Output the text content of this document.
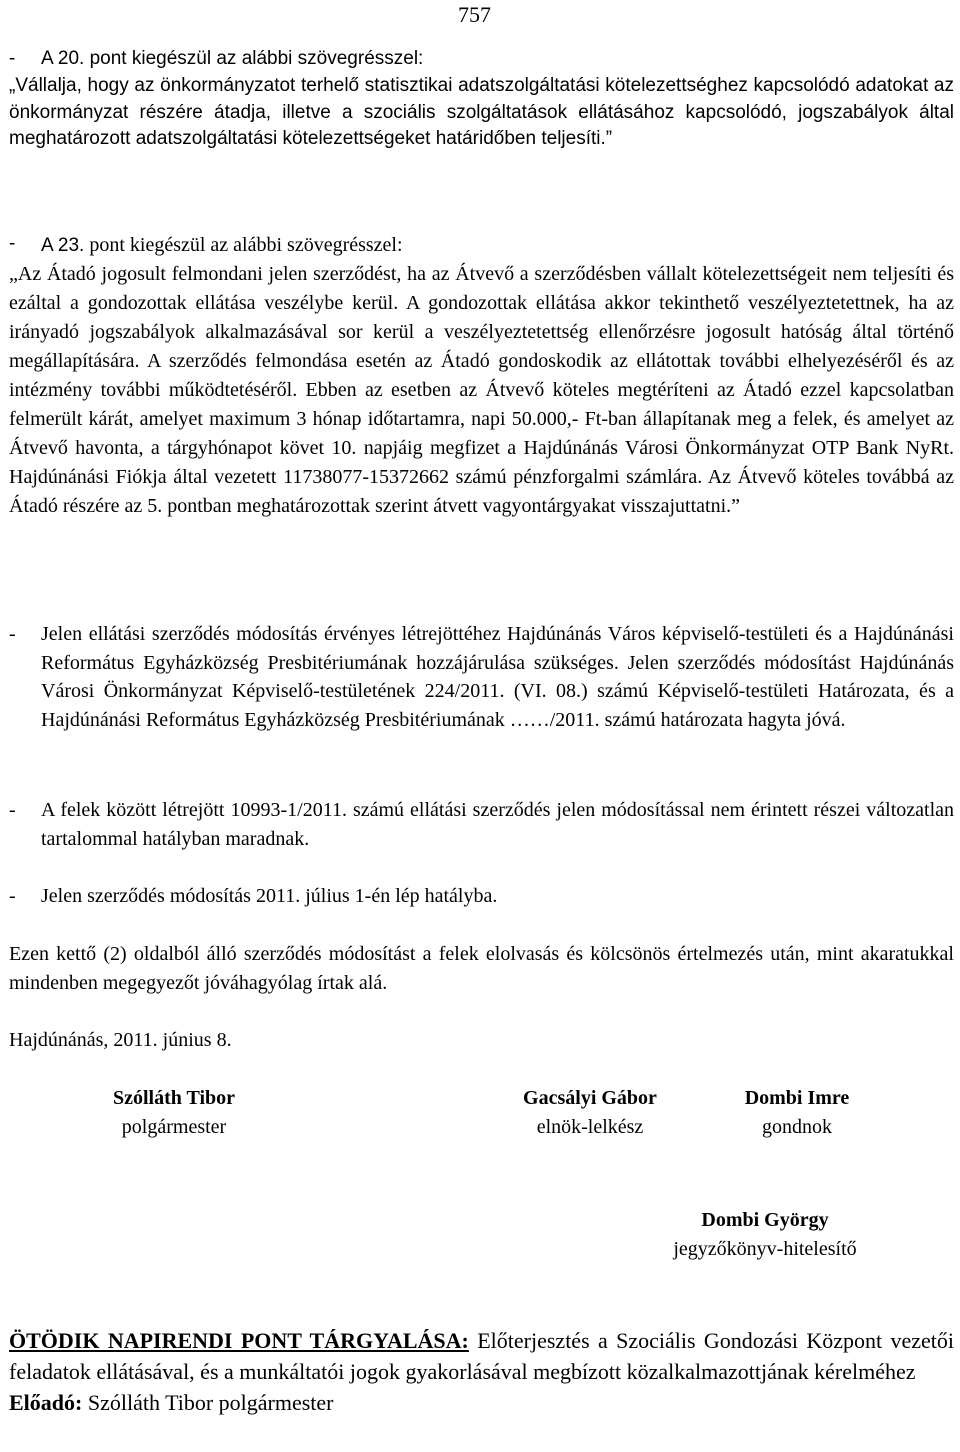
757
-	A 20. pont kiegészül az alábbi szövegrésszel:
„Vállalja, hogy az önkormányzatot terhelő statisztikai adatszolgáltatási kötelezettséghez kapcsolódó adatokat az önkormányzat részére átadja, illetve a szociális szolgáltatások ellátásához kapcsolódó, jogszabályok által meghatározott adatszolgáltatási kötelezettségeket határidőben teljesíti.”
-	A 23. pont kiegészül az alábbi szövegrésszel:
„Az Átadó jogosult felmondani jelen szerződést, ha az Átvevő a szerződésben vállalt kötelezettségeit nem teljesíti és ezáltal a gondozottak ellátása veszélybe kerül. A gondozottak ellátása akkor tekinthető veszélyeztetettnek, ha az irányadó jogszabályok alkalmazásával sor kerül a veszélyeztetettség ellenőrzésre jogosult hatóság által történő megállapítására. A szerződés felmondása esetén az Átadó gondoskodik az ellátottak további elhelyezéséről és az intézmény további működtetéséről. Ebben az esetben az Átvevő köteles megtéríteni az Átadó ezzel kapcsolatban felmerült kárát, amelyet maximum 3 hónap időtartamra, napi 50.000,- Ft-ban állapítanak meg a felek, és amelyet az Átvevő havonta, a tárgyhónapot követ 10. napjáig megfizet a Hajdúnánás Városi Önkormányzat OTP Bank NyRt. Hajdúnánási Fiókja által vezetett 11738077-15372662 számú pénzforgalmi számlára. Az Átvevő köteles továbbá az Átadó részére az 5. pontban meghatározottak szerint átvett vagyontárgyakat visszajuttatni.”
-	Jelen ellátási szerződés módosítás érvényes létrejöttéhez Hajdúnánás Város képviselő-testületi és a Hajdúnánási Református Egyházközség Presbitériumának hozzájárulása szükséges. Jelen szerződés módosítást Hajdúnánás Városi Önkormányzat Képviselő-testületének 224/2011. (VI. 08.) számú Képviselő-testületi Határozata, és a Hajdúnánási Református Egyházközség Presbitériumának ……/2011. számú határozata hagyta jóvá.
-	A felek között létrejött 10993-1/2011. számú ellátási szerződés jelen módosítással nem érintett részei változatlan tartalommal hatályban maradnak.
-	Jelen szerződés módosítás 2011. július 1-én lép hatályba.
Ezen kettő (2) oldalból álló szerződés módosítást a felek elolvasás és kölcsönös értelmezés után, mint akaratukkal mindenben megegyezőt jóváhagyólag írtak alá.
Hajdúnánás, 2011. június 8.
Szólláth Tibor
polgármester
Gacsályi Gábor
elnök-lelkész
Dombi Imre
gondnok
Dombi György
jegyzőkönyv-hitelesítő
ÖTÖDIK NAPIRENDI PONT TÁRGYALÁSA: Előterjesztés a Szociális Gondozási Központ vezetői feladatok ellátásával, és a munkáltatói jogok gyakorlásával megbízott közalkalmazottjának kérelméhez
Előadó: Szólláth Tibor polgármester
